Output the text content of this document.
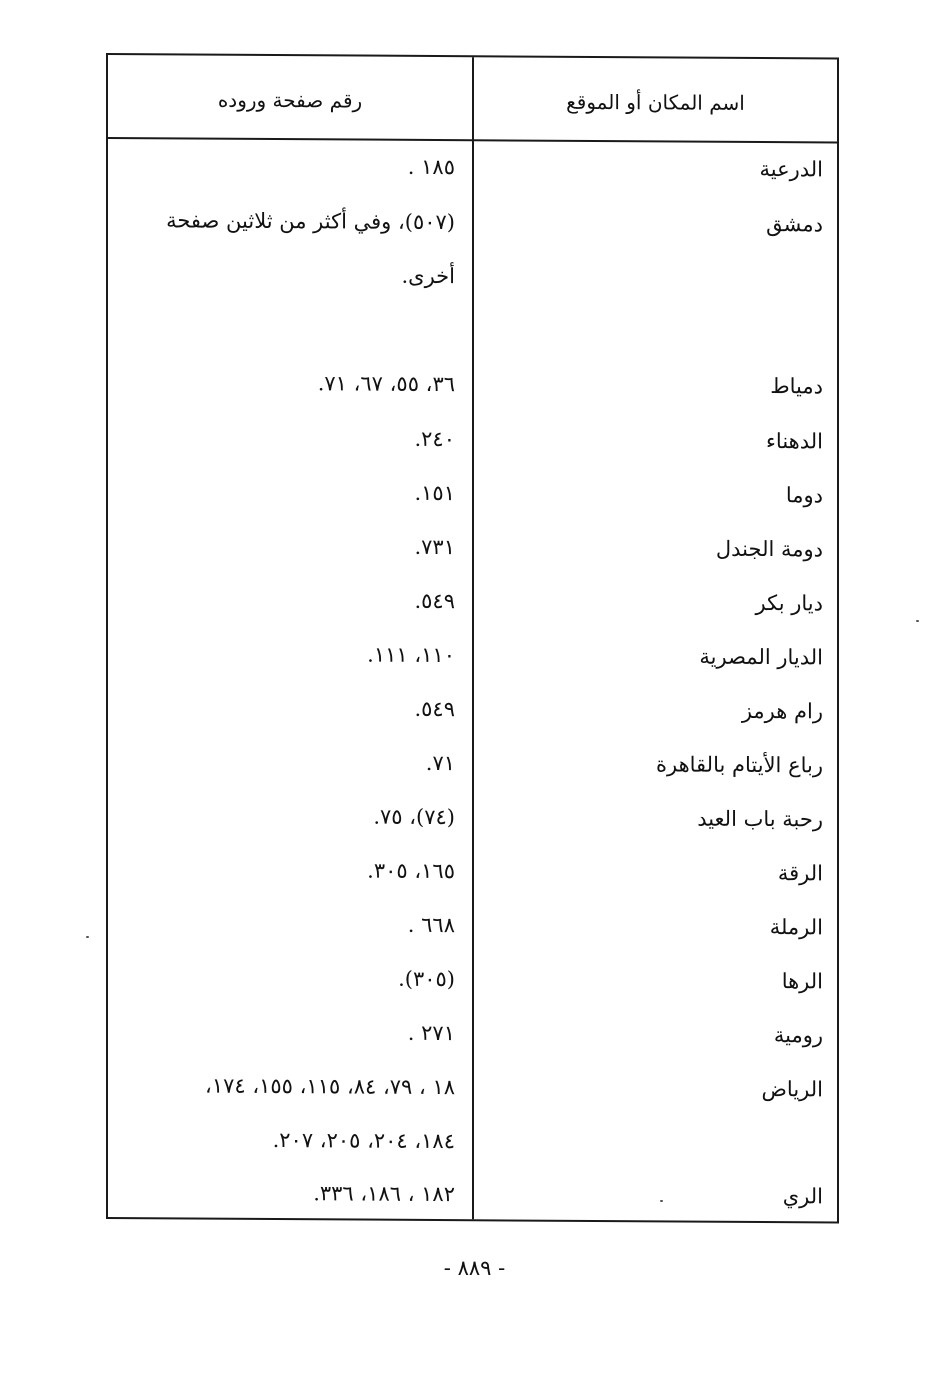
اسم المكان أو الموقع
رقم صفحة وروده
الدرعية
١٨٥ .
دمشق
(٥٠٧)، وفي أكثر من ثلاثين صفحة
أخرى.
دمياط
٣٦، ٥٥، ٦٧، ٧١.
الدهناء
٢٤٠.
دوما
١٥١.
دومة الجندل
٧٣١.
ديار بكر
٥٤٩.
الديار المصرية
١١٠، ١١١.
رام هرمز
٥٤٩.
رباع الأيتام بالقاهرة
٧١.
رحبة باب العيد
(٧٤)، ٧٥.
الرقة
١٦٥، ٣٠٥.
الرملة
٦٦٨ .
الرها
(٣٠٥).
رومية
٢٧١ .
الرياض
١٨ ، ٧٩، ٨٤، ١١٥، ١٥٥، ١٧٤،
١٨٤، ٢٠٤، ٢٠٥، ٢٠٧.
الري
١٨٢ ، ١٨٦، ٣٣٦.
- ٨٨٩ -
